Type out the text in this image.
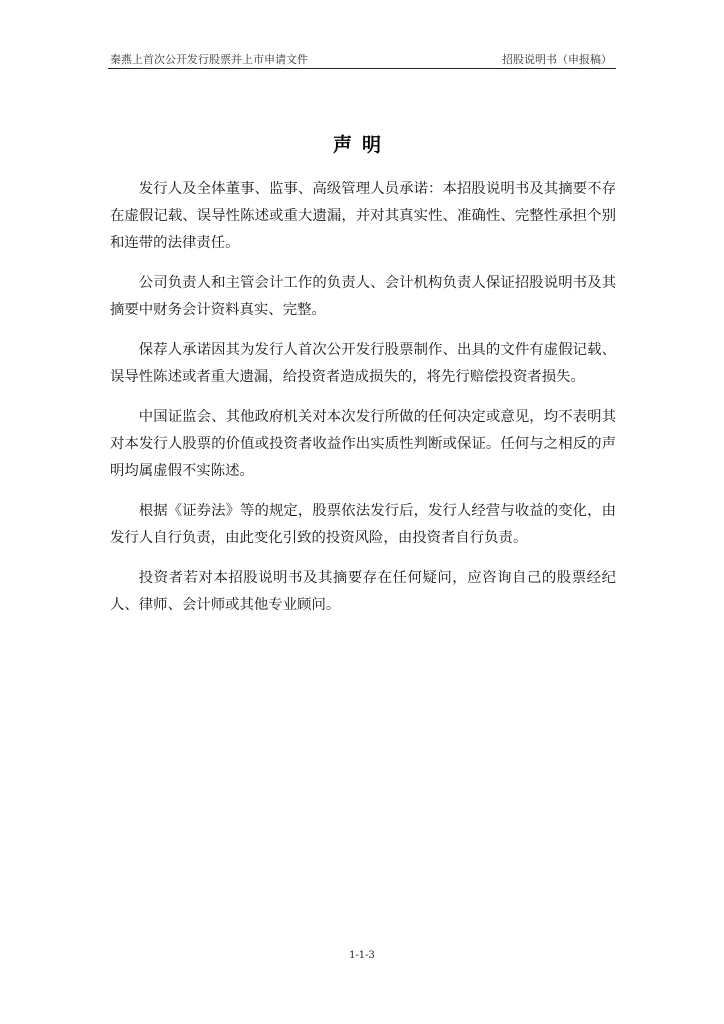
秦燕上首次公开发行股票并上市申请文件	招股说明书（申报稿）
声明

发行人及全体董事、监事、高级管理人员承诺：本招股说明书及其摘要不存在虚假记载、误导性陈述或重大遗漏，并对其真实性、准确性、完整性承担个别和连带的法律责任。

公司负责人和主管会计工作的负责人、会计机构负责人保证招股说明书及其摘要中财务会计资料真实、完整。

保荐人承诺因其为发行人首次公开发行股票制作、出具的文件有虚假记载、误导性陈述或者重大遗漏，给投资者造成损失的，将先行赔偿投资者损失。

中国证监会、其他政府机关对本次发行所做的任何决定或意见，均不表明其对本发行人股票的价值或投资者收益作出实质性判断或保证。任何与之相反的声明均属虚假不实陈述。

根据《证券法》等的规定，股票依法发行后，发行人经营与收益的变化，由发行人自行负责，由此变化引致的投资风险，由投资者自行负责。

投资者若对本招股说明书及其摘要存在任何疑问，应咨询自己的股票经纪人、律师、会计师或其他专业顾问。

1-1-3
